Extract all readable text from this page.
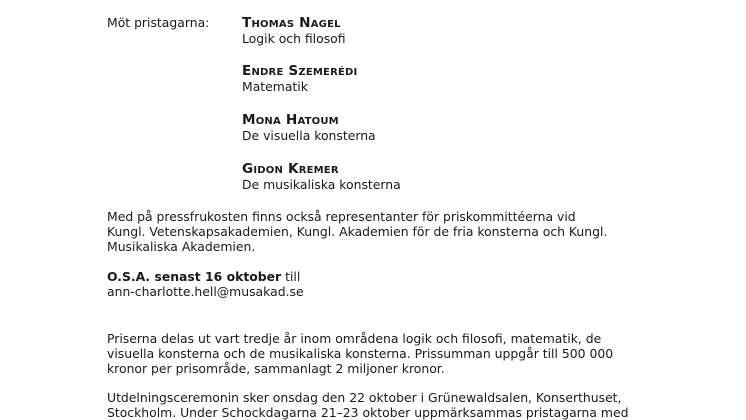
Möt pristagarna: Thomas Nagel
Logik och filosofi
Endre Szemerédi
Matematik
Mona Hatoum
De visuella konsterna
Gidon Kremer
De musikaliska konsterna
Med på pressfrukosten finns också representanter för priskommittéerna vid
Kungl. Vetenskapsakademien, Kungl. Akademien för de fria konsterna och Kungl.
Musikaliska Akademien.
O.S.A. senast 16 oktober till
ann-charlotte.hell@musakad.se
Priserna delas ut vart tredje år inom områdena logik och filosofi, matematik, de
visuella konsterna och de musikaliska konsterna. Prissumman uppgår till 500 000
kronor per prisområde, sammanlagt 2 miljoner kronor.
Utdelningsceremonin sker onsdag den 22 oktober i Grünewaldsalen, Konserthuset,
Stockholm. Under Schockdagarna 21–23 oktober uppmärksammas pristagarna med
